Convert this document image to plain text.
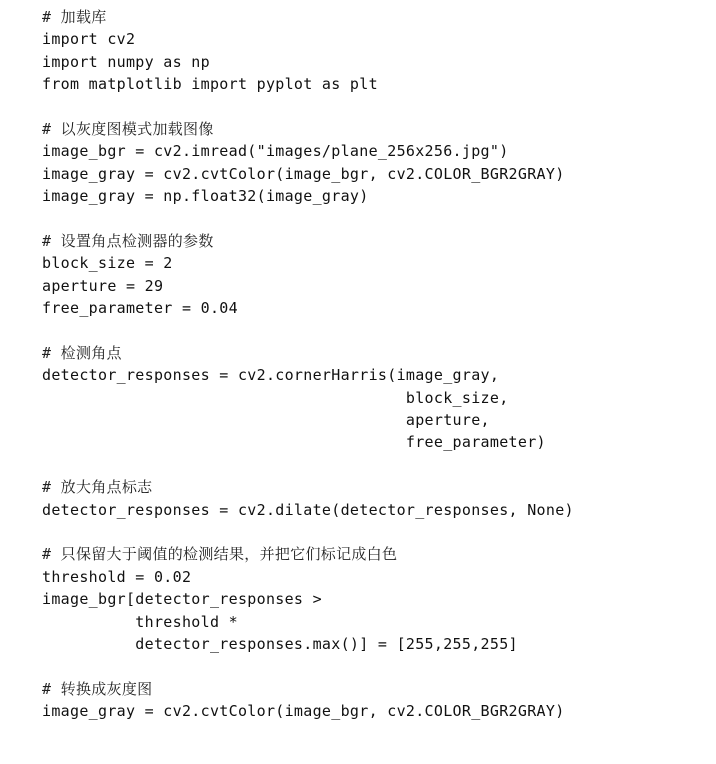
# 加载库
import cv2
import numpy as np
from matplotlib import pyplot as plt

# 以灰度图模式加载图像
image_bgr = cv2.imread("images/plane_256x256.jpg")
image_gray = cv2.cvtColor(image_bgr, cv2.COLOR_BGR2GRAY)
image_gray = np.float32(image_gray)

# 设置角点检测器的参数
block_size = 2
aperture = 29
free_parameter = 0.04

# 检测角点
detector_responses = cv2.cornerHarris(image_gray,
block_size,
aperture,
free_parameter)

# 放大角点标志
detector_responses = cv2.dilate(detector_responses, None)

# 只保留大于阈值的检测结果，并把它们标记成白色
threshold = 0.02
image_bgr[detector_responses >
threshold *
detector_responses.max()] = [255,255,255]

# 转换成灰度图
image_gray = cv2.cvtColor(image_bgr, cv2.COLOR_BGR2GRAY)
